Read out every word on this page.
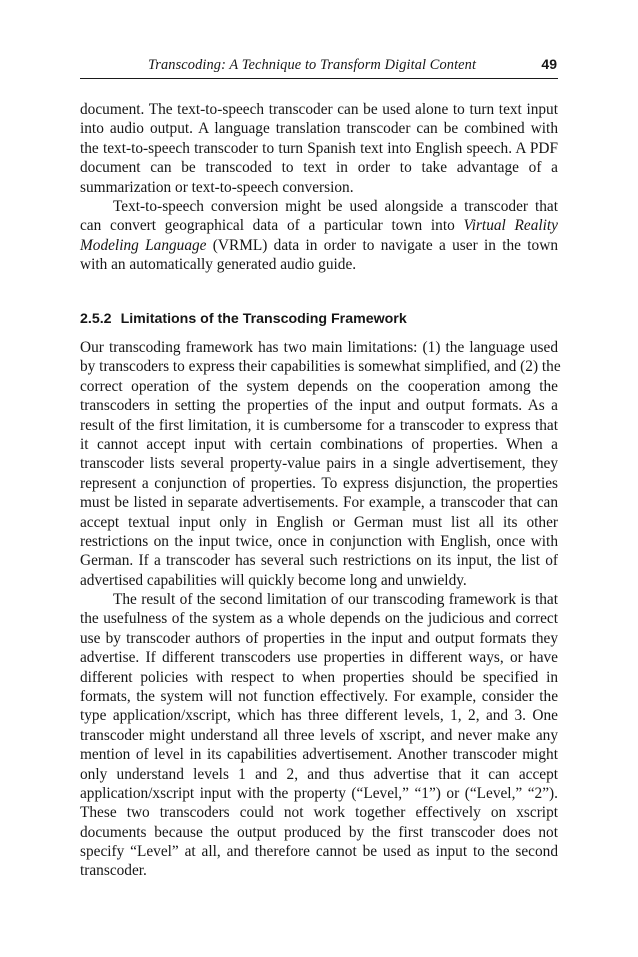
Transcoding: A Technique to Transform Digital Content	49
document. The text-to-speech transcoder can be used alone to turn text input
into audio output. A language translation transcoder can be combined with
the text-to-speech transcoder to turn Spanish text into English speech. A PDF
document can be transcoded to text in order to take advantage of a
summarization or text-to-speech conversion.
Text-to-speech conversion might be used alongside a transcoder that
can convert geographical data of a particular town into Virtual Reality
Modeling Language (VRML) data in order to navigate a user in the town
with an automatically generated audio guide.
2.5.2 Limitations of the Transcoding Framework
Our transcoding framework has two main limitations: (1) the language used
by transcoders to express their capabilities is somewhat simplified, and (2) the
correct operation of the system depends on the cooperation among the
transcoders in setting the properties of the input and output formats. As a
result of the first limitation, it is cumbersome for a transcoder to express that
it cannot accept input with certain combinations of properties. When a
transcoder lists several property-value pairs in a single advertisement, they
represent a conjunction of properties. To express disjunction, the properties
must be listed in separate advertisements. For example, a transcoder that can
accept textual input only in English or German must list all its other
restrictions on the input twice, once in conjunction with English, once with
German. If a transcoder has several such restrictions on its input, the list of
advertised capabilities will quickly become long and unwieldy.
The result of the second limitation of our transcoding framework is that
the usefulness of the system as a whole depends on the judicious and correct
use by transcoder authors of properties in the input and output formats they
advertise. If different transcoders use properties in different ways, or have
different policies with respect to when properties should be specified in
formats, the system will not function effectively. For example, consider the
type application/xscript, which has three different levels, 1, 2, and 3. One
transcoder might understand all three levels of xscript, and never make any
mention of level in its capabilities advertisement. Another transcoder might
only understand levels 1 and 2, and thus advertise that it can accept
application/xscript input with the property (“Level,” “1”) or (“Level,” “2”).
These two transcoders could not work together effectively on xscript
documents because the output produced by the first transcoder does not
specify “Level” at all, and therefore cannot be used as input to the second
transcoder.
